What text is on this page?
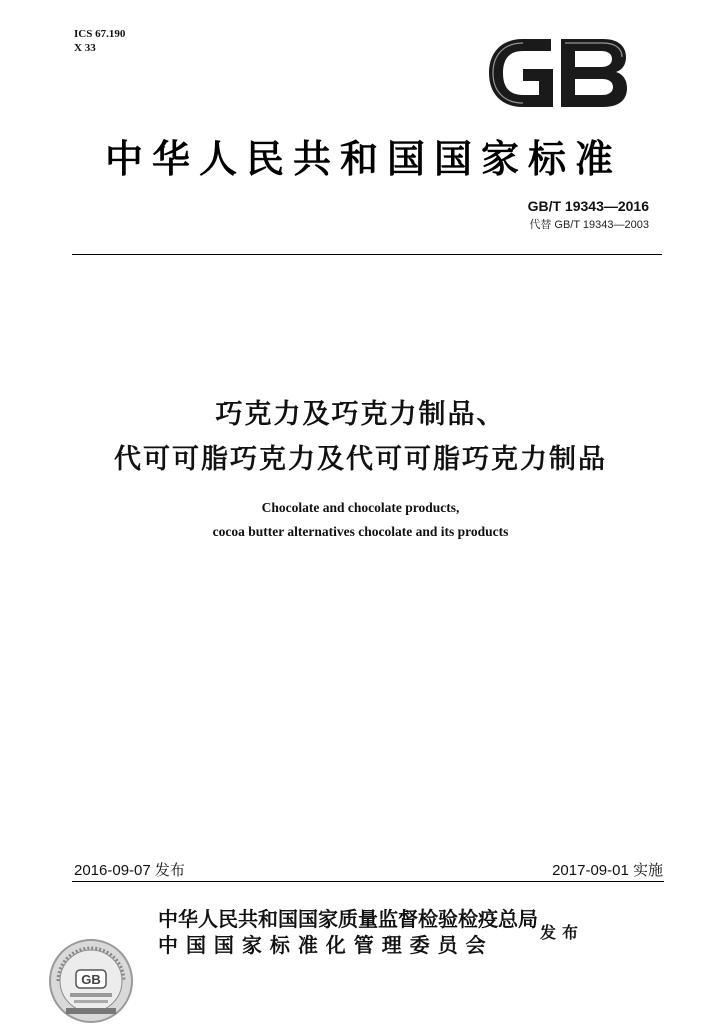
ICS 67.190
X 33
中华人民共和国国家标准
GB/T 19343—2016
代替 GB/T 19343—2003
巧克力及巧克力制品、
代可可脂巧克力及代可可脂巧克力制品
Chocolate and chocolate products,
cocoa butter alternatives chocolate and its products
2016-09-07 发布	2017-09-01 实施
中华人民共和国国家质量监督检验检疫总局
中 国 国 家 标 准 化 管 理 委 员 会
发布
GB
